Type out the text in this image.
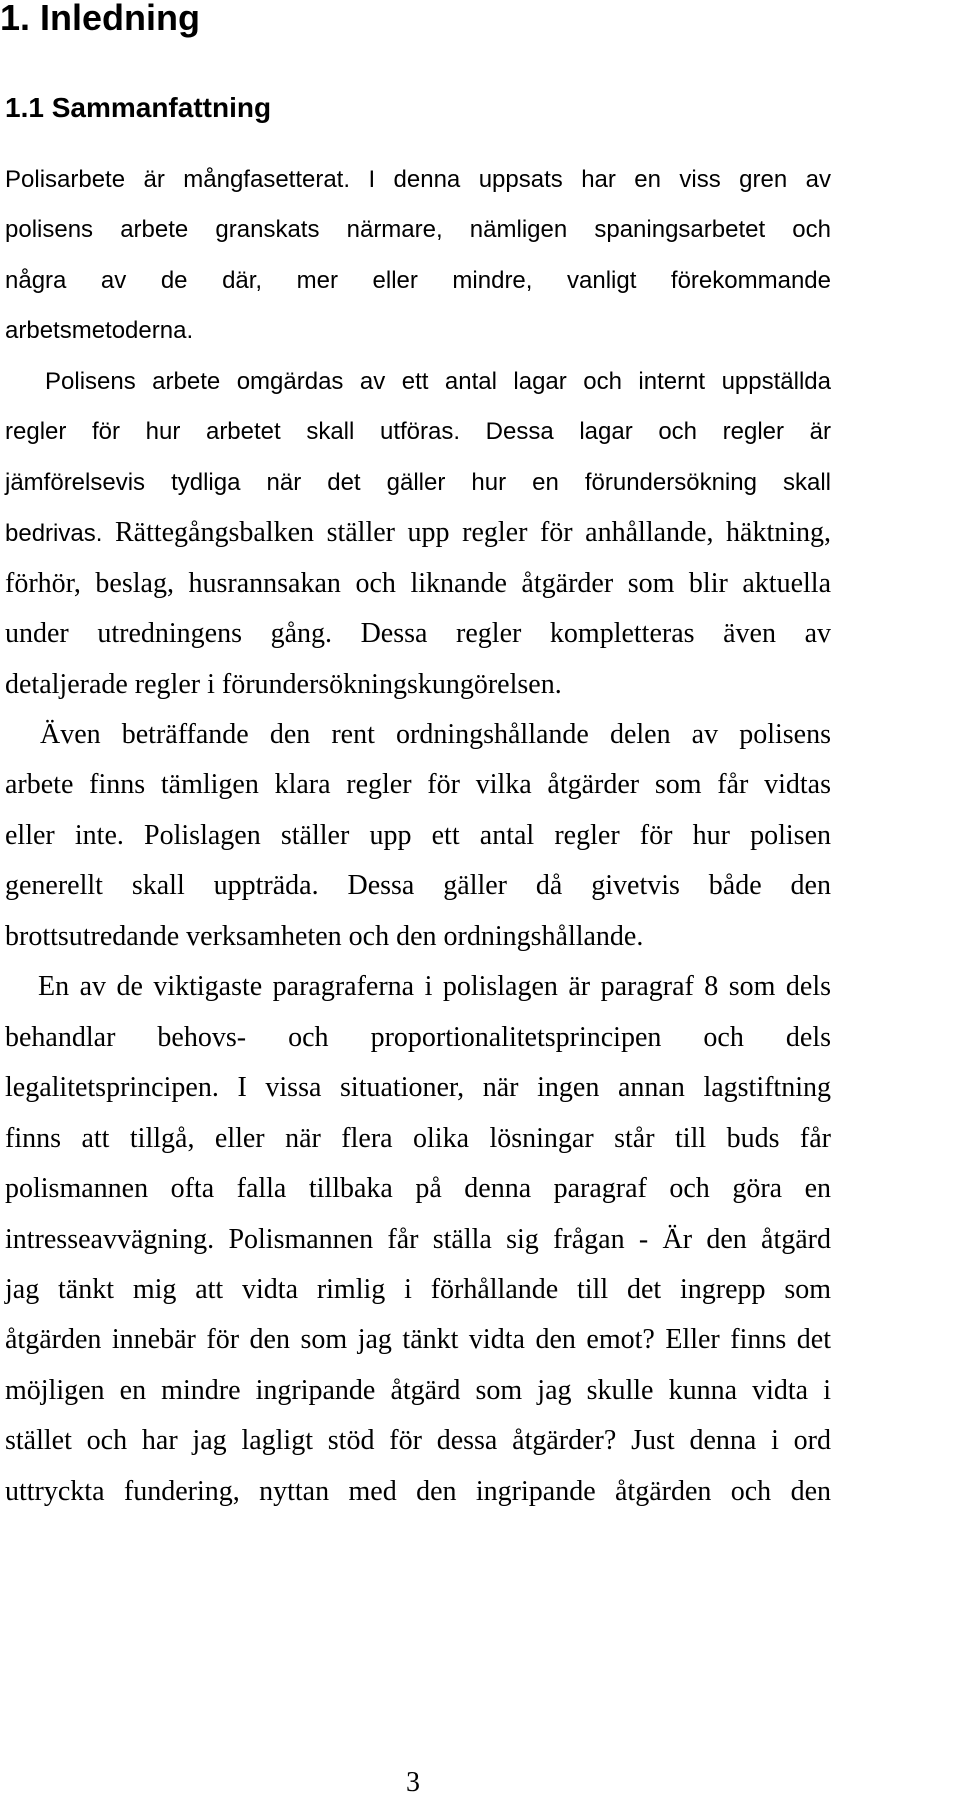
1. Inledning
1.1 Sammanfattning
Polisarbete är mångfasetterat. I denna uppsats har en viss gren av
polisens arbete granskats närmare, nämligen spaningsarbetet och
några av de där, mer eller mindre, vanligt förekommande
arbetsmetoderna.
Polisens arbete omgärdas av ett antal lagar och internt uppställda
regler för hur arbetet skall utföras. Dessa lagar och regler är
jämförelsevis tydliga när det gäller hur en förundersökning skall
bedrivas. Rättegångsbalken ställer upp regler för anhållande, häktning,
förhör, beslag, husrannsakan och liknande åtgärder som blir aktuella
under utredningens gång. Dessa regler kompletteras även av
detaljerade regler i förundersökningskungörelsen.
Även beträffande den rent ordningshållande delen av polisens
arbete finns tämligen klara regler för vilka åtgärder som får vidtas
eller inte. Polislagen ställer upp ett antal regler för hur polisen
generellt skall uppträda. Dessa gäller då givetvis både den
brottsutredande verksamheten och den ordningshållande.
En av de viktigaste paragraferna i polislagen är paragraf 8 som dels
behandlar behovs- och proportionalitetsprincipen och dels
legalitetsprincipen. I vissa situationer, när ingen annan lagstiftning
finns att tillgå, eller när flera olika lösningar står till buds får
polismannen ofta falla tillbaka på denna paragraf och göra en
intresseavvägning. Polismannen får ställa sig frågan - Är den åtgärd
jag tänkt mig att vidta rimlig i förhållande till det ingrepp som
åtgärden innebär för den som jag tänkt vidta den emot? Eller finns det
möjligen en mindre ingripande åtgärd som jag skulle kunna vidta i
stället och har jag lagligt stöd för dessa åtgärder? Just denna i ord
uttryckta fundering, nyttan med den ingripande åtgärden och den
3
